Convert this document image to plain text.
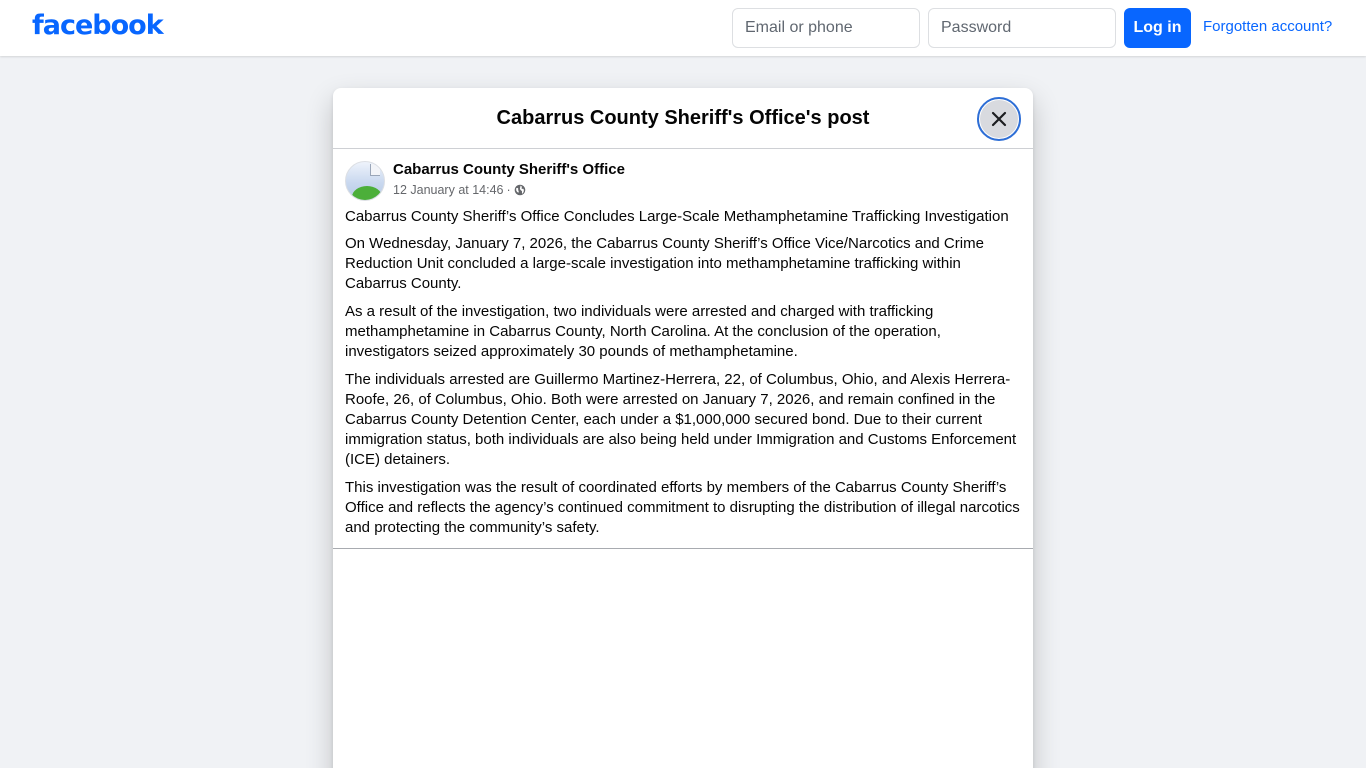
facebook
Email or phone	Log in	Forgotten account?
Cabarrus County Sheriff's Office's post
Cabarrus County Sheriff's Office
12 January at 14:46 ·

Cabarrus County Sheriff’s Office Concludes Large-Scale Methamphetamine Trafficking Investigation

On Wednesday, January 7, 2026, the Cabarrus County Sheriff’s Office Vice/Narcotics and Crime Reduction Unit concluded a large-scale investigation into methamphetamine trafficking within Cabarrus County.

As a result of the investigation, two individuals were arrested and charged with trafficking methamphetamine in Cabarrus County, North Carolina. At the conclusion of the operation, investigators seized approximately 30 pounds of methamphetamine.

The individuals arrested are Guillermo Martinez-Herrera, 22, of Columbus, Ohio, and Alexis Herrera-Roofe, 26, of Columbus, Ohio. Both were arrested on January 7, 2026, and remain confined in the Cabarrus County Detention Center, each under a $1,000,000 secured bond. Due to their current immigration status, both individuals are also being held under Immigration and Customs Enforcement (ICE) detainers.

This investigation was the result of coordinated efforts by members of the Cabarrus County Sheriff’s Office and reflects the agency’s continued commitment to disrupting the distribution of illegal narcotics and protecting the community’s safety.
